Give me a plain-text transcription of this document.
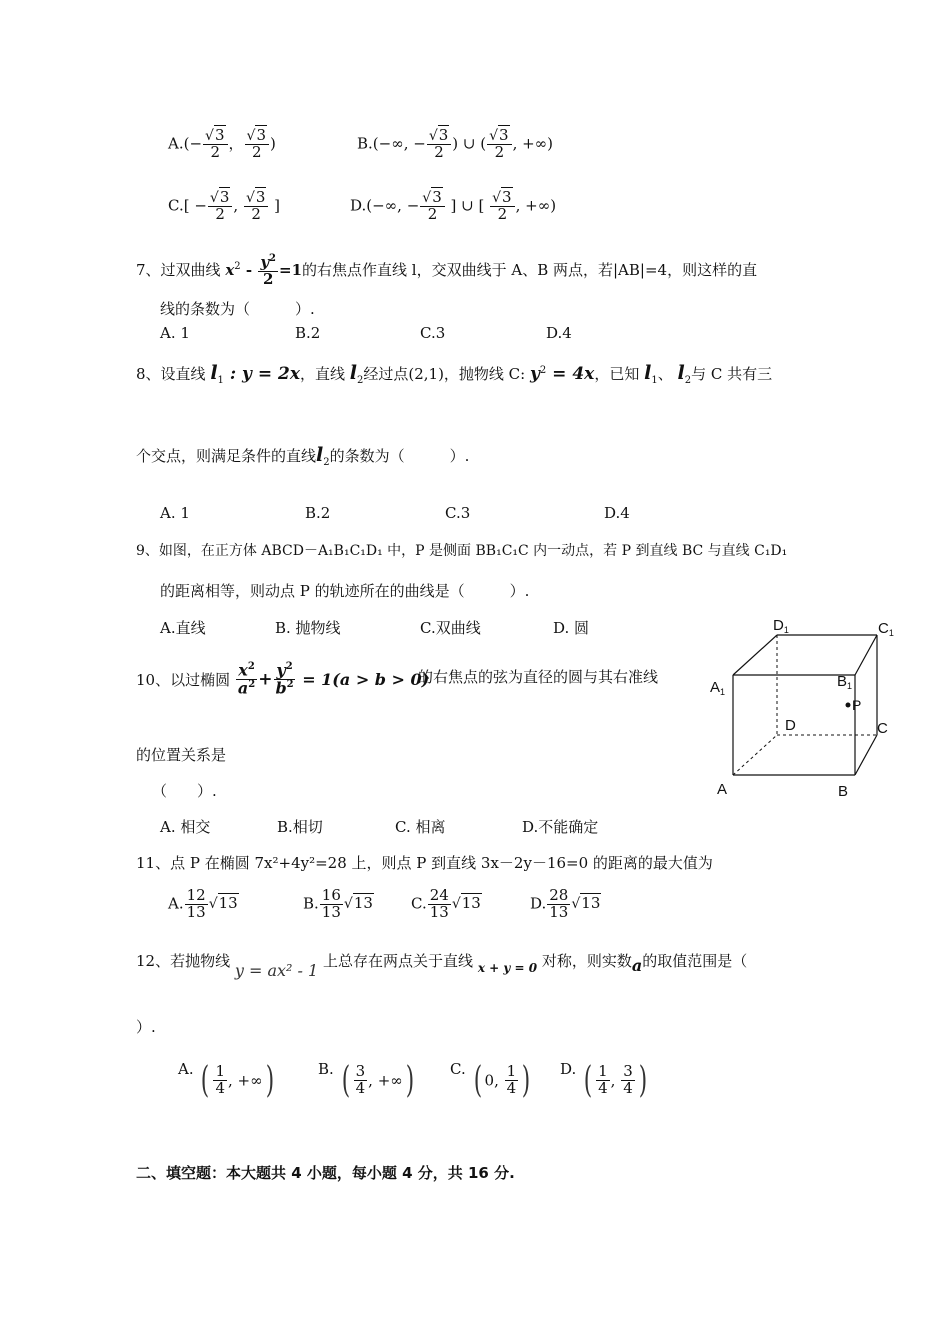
$A.(- \frac{√3}{2}$ ， $\frac{√3}{2}$ )	B.(−∞, − $\frac{√3}{2}$ ) ∪ ( $\frac{√3}{2}$ , +∞)
$C.[ - \frac{√3}{2}$ , $\frac{√3}{2}$ ]	D.(−∞, − $\frac{√3}{2}$ ] ∪ [ $\frac{√3}{2}$ , +∞)
7、过双曲线 $x^2 - \frac{y^2}{2} =1$的右焦点作直线 l，交双曲线于 A、B 两点，若|AB|=4，则这样的直
线的条数为（　　　）.
A. 1	B.2	C.3	D.4
8、设直线 $l_1$ : y = 2x，直线 $l_2$经过点(2,1)，抛物线 C: $y^2 = 4x$，已知 $l_1$、 $l_2$与 C 共有三
个交点，则满足条件的直线$l_2$的条数为（　　　）.
A. 1	B.2	C.3	D.4
9、如图，在正方体 ABCD－A₁B₁C₁D₁ 中，P 是侧面 BB₁C₁C 内一动点，若 P 到直线 BC 与直线 C₁D₁
的距离相等，则动点 P 的轨迹所在的曲线是（　　　）.
A.直线	B. 抛物线	C.双曲线	D. 圆	$D_1$	$C_1$
$A_1$
$B_1$
P
D	C
A	B
10、以过椭圆 $\frac{x^2}{a^2} + \frac{y^2}{b^2} = 1(a > b > 0)$
的右焦点的弦为直径的圆与其右准线
的位置关系是
（　　）.
A. 相交	B.相切	C. 相离	D.不能确定
11、点 P 在椭圆 7x²+4y²=28 上，则点 P 到直线 3x－2y－16=0 的距离的最大值为
A. $\frac{12}{13} √13$	B. $\frac{16}{13} √13$	C. $\frac{24}{13} √13$	D. $\frac{28}{13} √13$
12、若抛物线 y = ax² - 1 上总存在两点关于直线 $_{x + y = 0}$ 对称，则实数a的取值范围是（
）.
A. ( $\frac{1}{4}$ , +∞)	B. ( $\frac{3}{4}$ , +∞) C. ( 0, $\frac{1}{4}$ ) D. ( $\frac{1}{4}$ , $\frac{3}{4}$ )
二、填空题：本大题共 4 小题，每小题 4 分，共 16 分.
